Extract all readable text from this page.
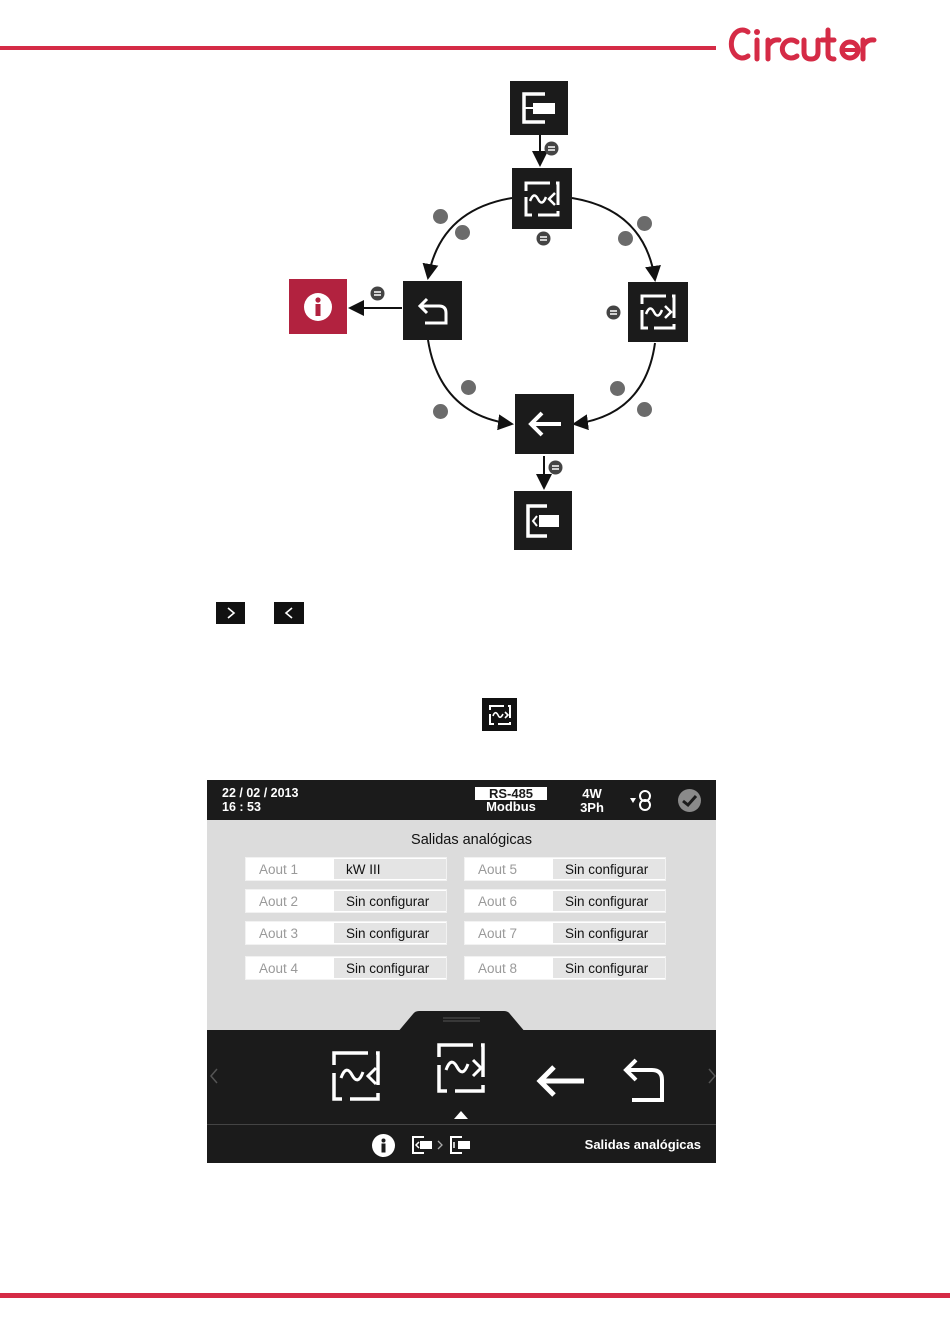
22 / 02 / 2013
16 : 53
RS-485
Modbus
4W
3Ph
Salidas analógicas
Aout 1	kW III
Aout 2	Sin configurar
Aout 3	Sin configurar
Aout 4	Sin configurar
Aout 5	Sin configurar
Aout 6	Sin configurar
Aout 7	Sin configurar
Aout 8	Sin configurar
Salidas analógicas
